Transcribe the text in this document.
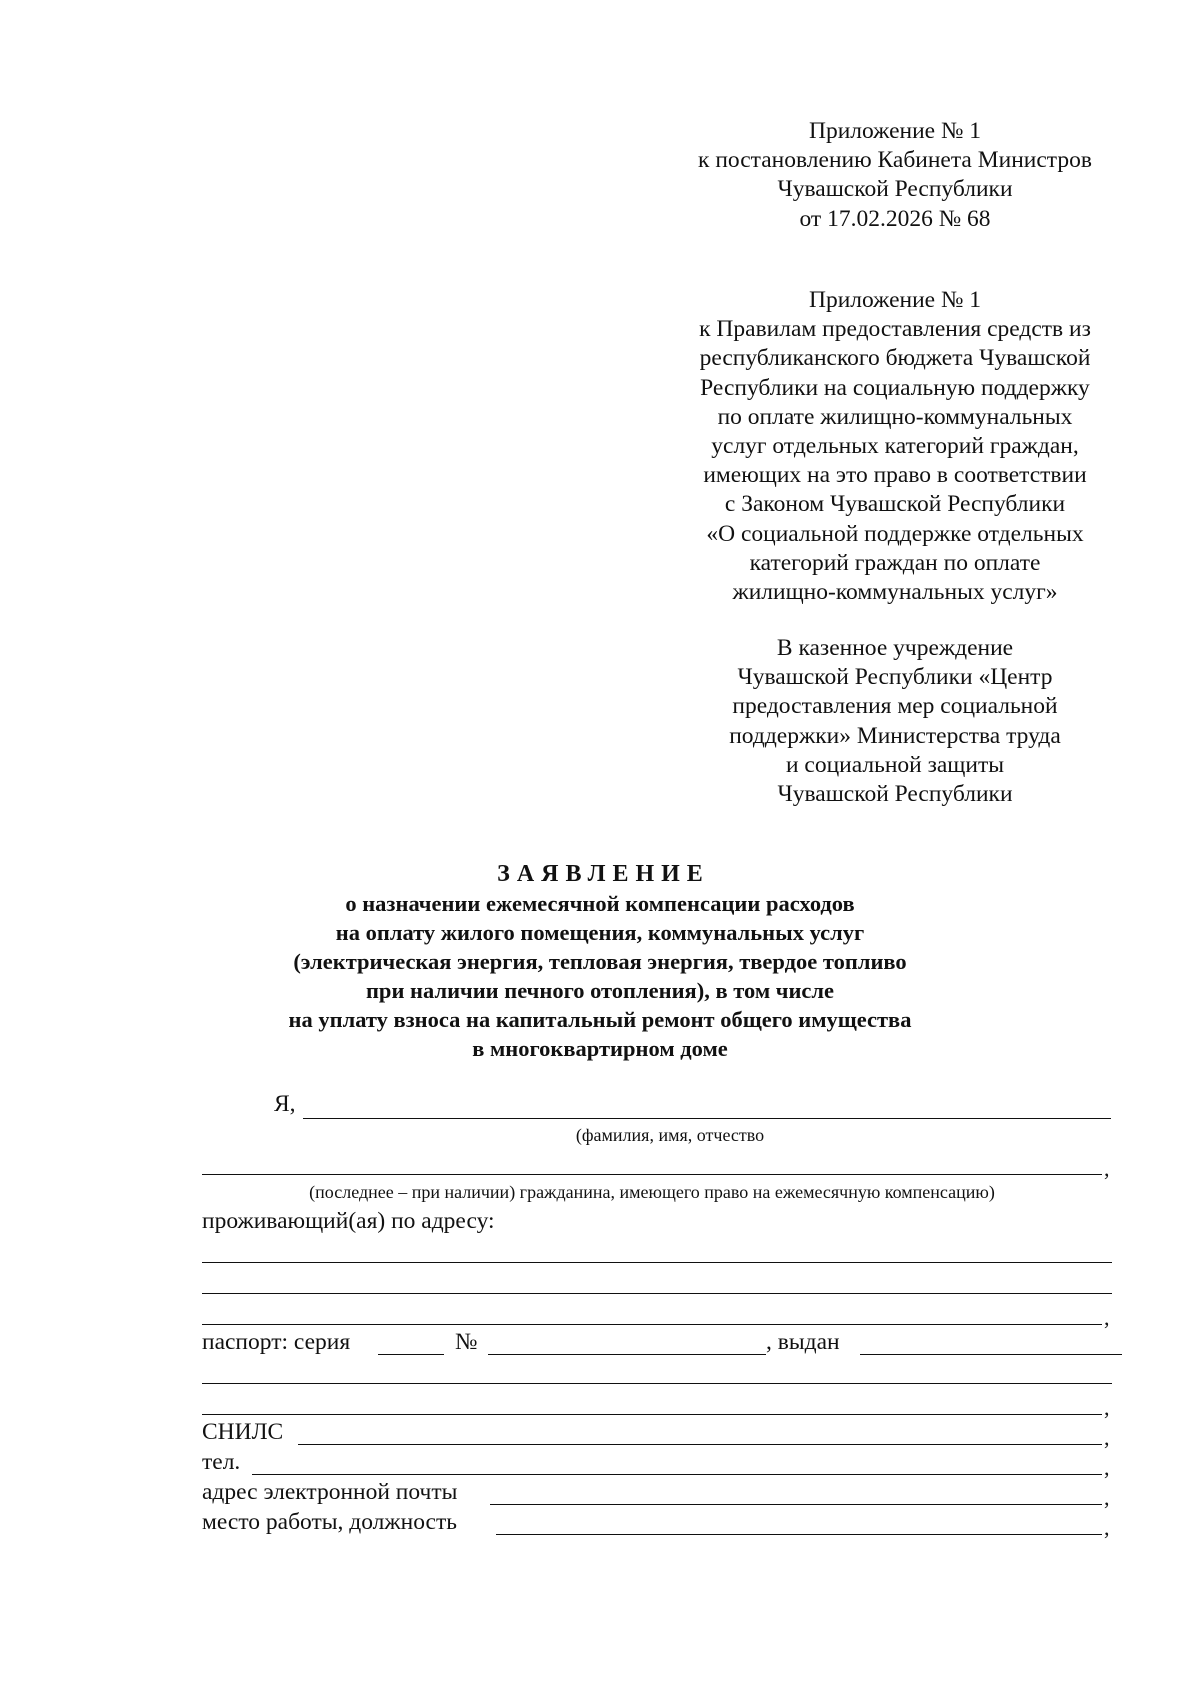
Приложение № 1
к постановлению Кабинета Министров
Чувашской Республики
от 17.02.2026 № 68
Приложение № 1
к Правилам предоставления средств из
республиканского бюджета Чувашской
Республики на социальную поддержку
по оплате жилищно-коммунальных
услуг отдельных категорий граждан,
имеющих на это право в соответствии
с Законом Чувашской Республики
«О социальной поддержке отдельных
категорий граждан по оплате
жилищно-коммунальных услуг»
В казенное учреждение
Чувашской Республики «Центр
предоставления мер социальной
поддержки» Министерства труда
и социальной защиты
Чувашской Республики
ЗАЯВЛЕНИЕ
о назначении ежемесячной компенсации расходов
на оплату жилого помещения, коммунальных услуг
(электрическая энергия, тепловая энергия, твердое топливо
при наличии печного отопления), в том числе
на уплату взноса на капитальный ремонт общего имущества
в многоквартирном доме
Я,
(фамилия, имя, отчество
,
(последнее – при наличии) гражданина, имеющего право на ежемесячную компенсацию)
проживающий(ая) по адресу:
,
паспорт: серия	№	, выдан
,
СНИЛС	,
тел.	,
адрес электронной почты	,
место работы, должность	,
